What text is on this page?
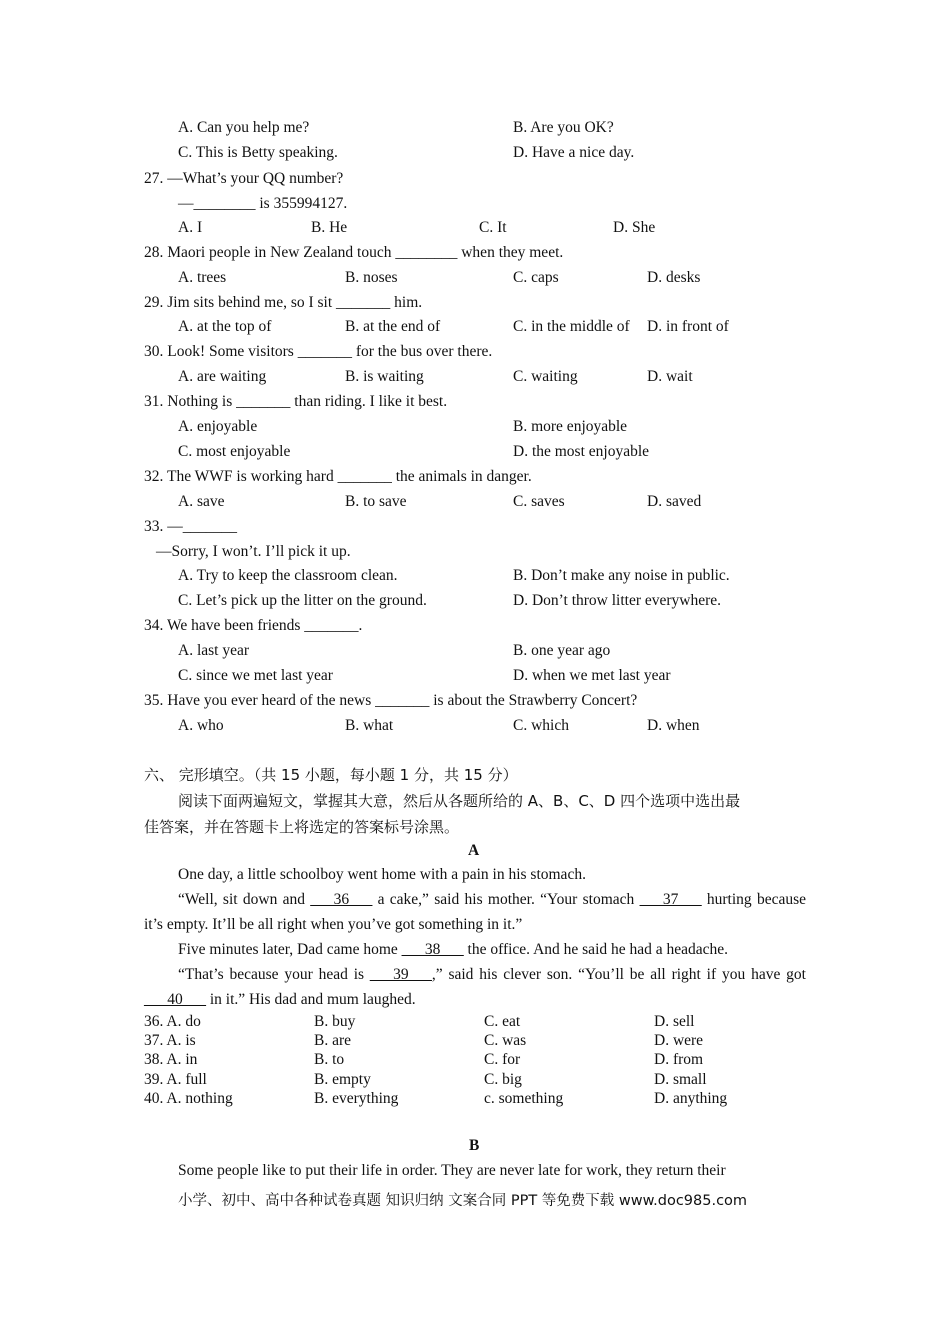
A. Can you help me?	B. Are you OK?
C. This is Betty speaking.	D. Have a nice day.
27. —What’s your QQ number?
—________ is 355994127.
A. I	B. He	C. It	D. She
28. Maori people in New Zealand touch ________ when they meet.
A. trees	B. noses	C. caps	D. desks
29. Jim sits behind me, so I sit _______ him.
A. at the top of	B. at the end of	C. in the middle of D. in front of
30. Look! Some visitors _______ for the bus over there.
A. are waiting	B. is waiting	C. waiting	D. wait
31. Nothing is _______ than riding. I like it best.
A. enjoyable	B. more enjoyable
C. most enjoyable	D. the most enjoyable
32. The WWF is working hard _______ the animals in danger.
A. save	B. to save	C. saves	D. saved
33. —_______
—Sorry, I won’t. I’ll pick it up.
A. Try to keep the classroom clean.	B. Don’t make any noise in public.
C. Let’s pick up the litter on the ground.	D. Don’t throw litter everywhere.
34. We have been friends _______.
A. last year	B. one year ago
C. since we met last year	D. when we met last year
35. Have you ever heard of the news _______ is about the Strawberry Concert?
A. who	B. what	C. which	D. when
六、 完形填空。（共 15 小题，每小题 1 分，共 15 分）
阅读下面两遍短文，掌握其大意，然后从各题所给的 A、B、C、D 四个选项中选出最
佳答案，并在答题卡上将选定的答案标号涂黑。
A
One day, a little schoolboy went home with a pain in his stomach.
“Well, sit down and ___36___ a cake,” said his mother. “Your stomach ___37___ hurting because it’s empty. It’ll be all right when you’ve got something in it.”
Five minutes later, Dad came home ___38___ the office. And he said he had a headache.
“That’s because your head is ___39___,” said his clever son. “You’ll be all right if you have got ___40___ in it.” His dad and mum laughed.
36. A. do	B. buy	C. eat	D. sell
37. A. is	B. are	C. was	D. were
38. A. in	B. to	C. for	D. from
39. A. full	B. empty	C. big	D. small
40. A. nothing	B. everything	c. something	D. anything
B
Some people like to put their life in order. They are never late for work, they return their
小学、初中、高中各种试卷真题 知识归纳 文案合同 PPT 等免费下载 www.doc985.com
